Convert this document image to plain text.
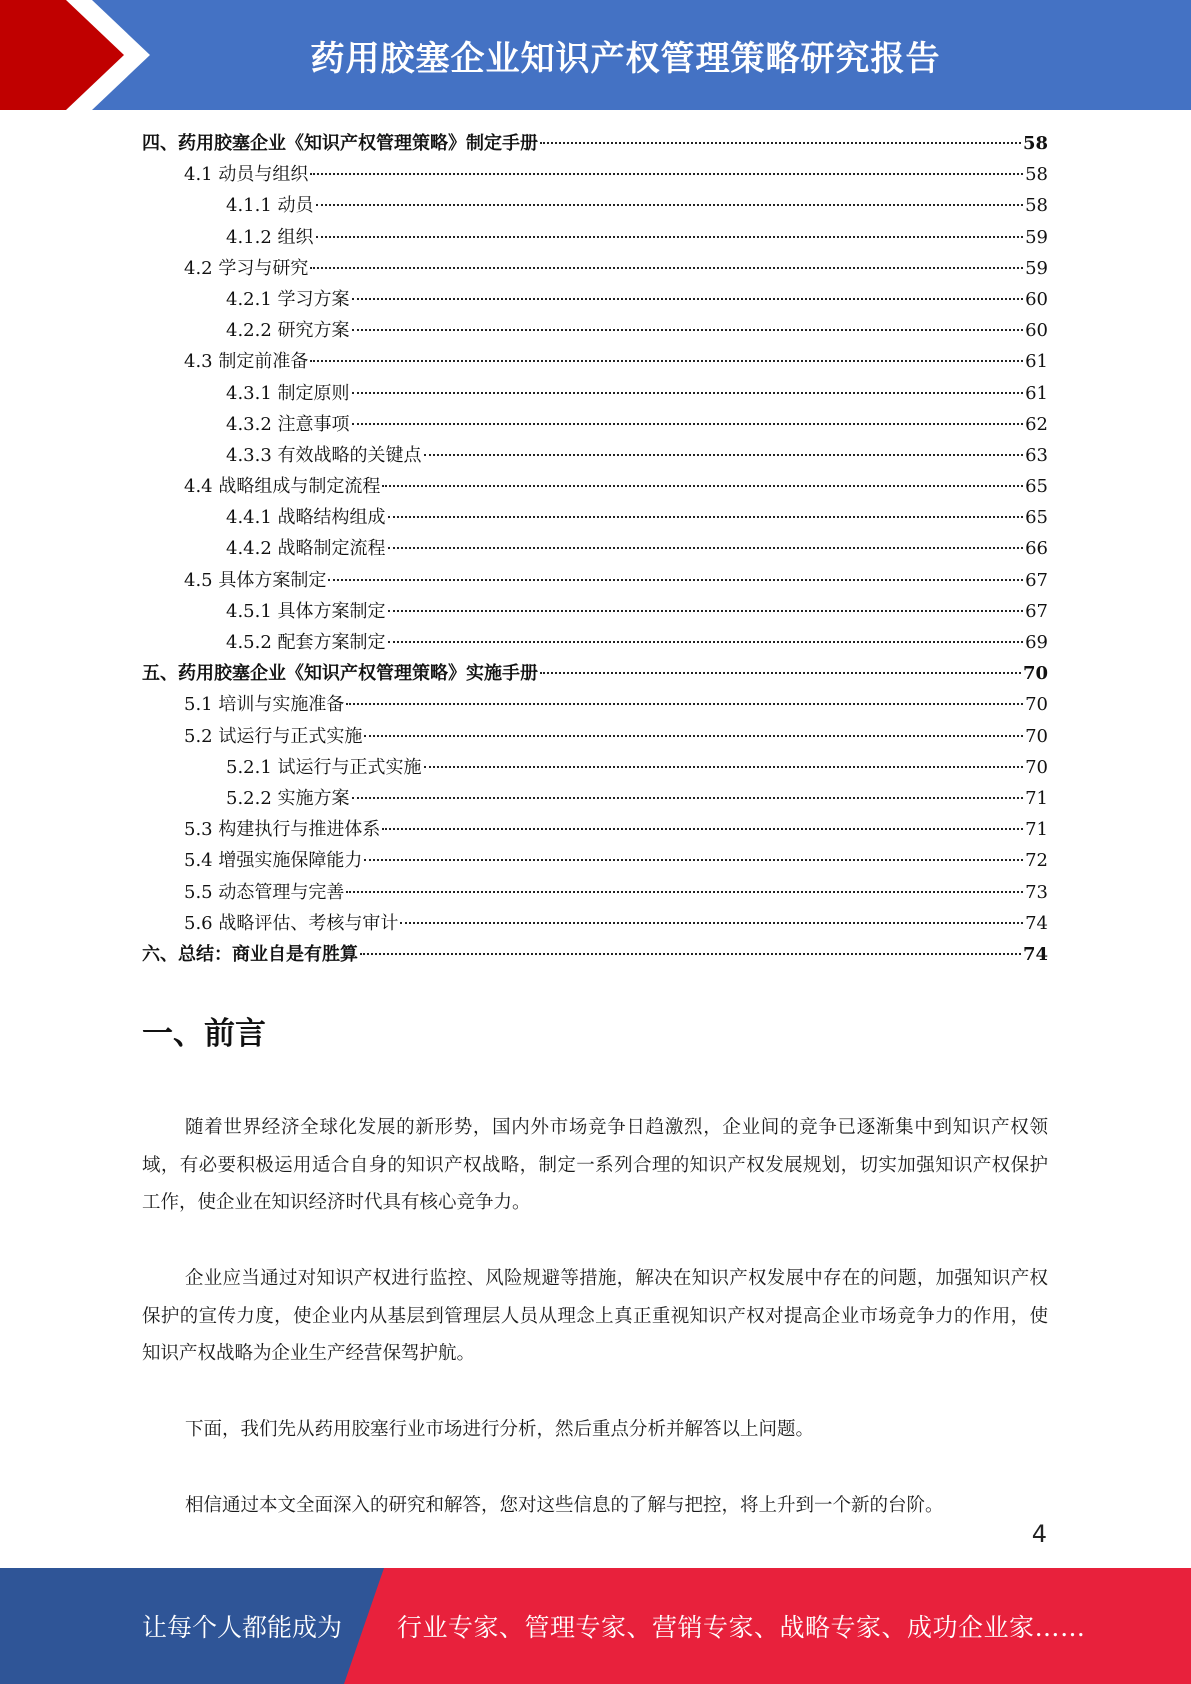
药用胶塞企业知识产权管理策略研究报告
四、药用胶塞企业《知识产权管理策略》制定手册	58
4.1 动员与组织	58
4.1.1 动员	58
4.1.2 组织	59
4.2 学习与研究	59
4.2.1 学习方案	60
4.2.2 研究方案	60
4.3 制定前准备	61
4.3.1 制定原则	61
4.3.2 注意事项	62
4.3.3 有效战略的关键点	63
4.4 战略组成与制定流程	65
4.4.1 战略结构组成	65
4.4.2 战略制定流程	66
4.5 具体方案制定	67
4.5.1 具体方案制定	67
4.5.2 配套方案制定	69
五、药用胶塞企业《知识产权管理策略》实施手册	70
5.1 培训与实施准备	70
5.2 试运行与正式实施	70
5.2.1 试运行与正式实施	70
5.2.2 实施方案	71
5.3 构建执行与推进体系	71
5.4 增强实施保障能力	72
5.5 动态管理与完善	73
5.6 战略评估、考核与审计	74
六、总结：商业自是有胜算	74
一、前言
随着世界经济全球化发展的新形势，国内外市场竞争日趋激烈，企业间的竞争已逐渐集中到知识产权领域，有必要积极运用适合自身的知识产权战略，制定一系列合理的知识产权发展规划，切实加强知识产权保护工作，使企业在知识经济时代具有核心竞争力。
企业应当通过对知识产权进行监控、风险规避等措施，解决在知识产权发展中存在的问题，加强知识产权保护的宣传力度，使企业内从基层到管理层人员从理念上真正重视知识产权对提高企业市场竞争力的作用，使知识产权战略为企业生产经营保驾护航。
下面，我们先从药用胶塞行业市场进行分析，然后重点分析并解答以上问题。
相信通过本文全面深入的研究和解答，您对这些信息的了解与把控，将上升到一个新的台阶。
4
让每个人都能成为 行业专家、管理专家、营销专家、战略专家、成功企业家……
